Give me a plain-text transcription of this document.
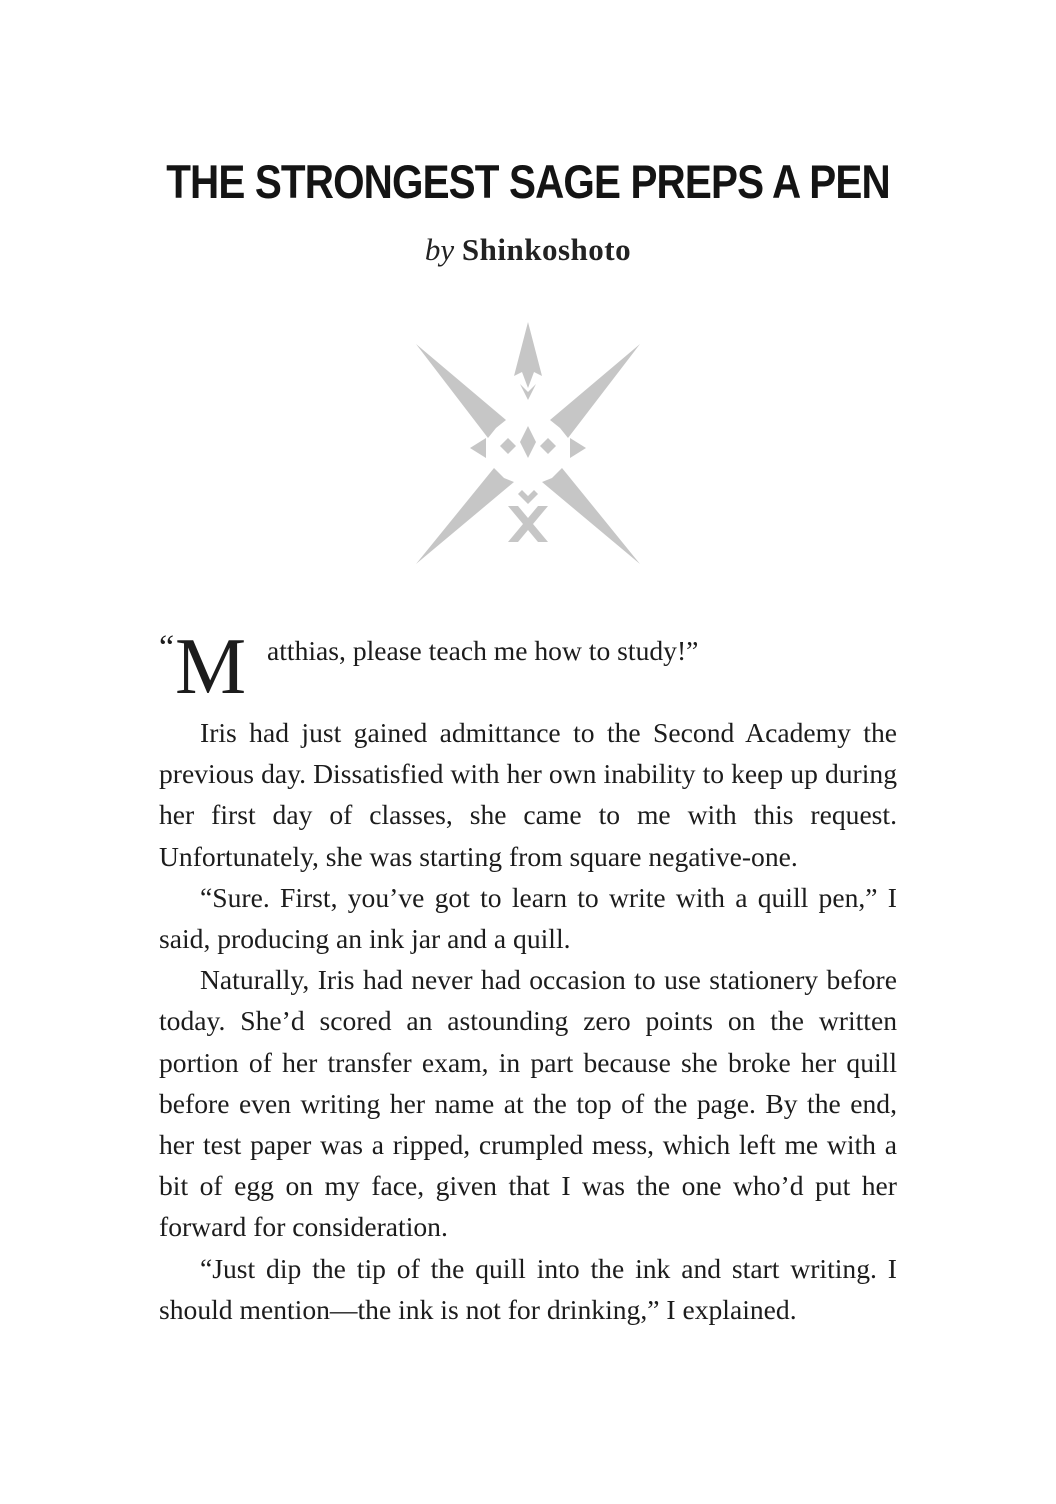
THE STRONGEST SAGE PREPS A PEN
by Shinkoshoto
“ M atthias, please teach me how to study!”

Iris had just gained admittance to the Second Academy the previous day. Dissatisfied with her own inability to keep up during her first day of classes, she came to me with this request. Unfortunately, she was starting from square negative-one.

“Sure. First, you’ve got to learn to write with a quill pen,” I said, producing an ink jar and a quill.

Naturally, Iris had never had occasion to use stationery before today. She’d scored an astounding zero points on the written portion of her transfer exam, in part because she broke her quill before even writing her name at the top of the page. By the end, her test paper was a ripped, crumpled mess, which left me with a bit of egg on my face, given that I was the one who’d put her forward for consideration.

“Just dip the tip of the quill into the ink and start writing. I should mention—the ink is not for drinking,” I explained.
